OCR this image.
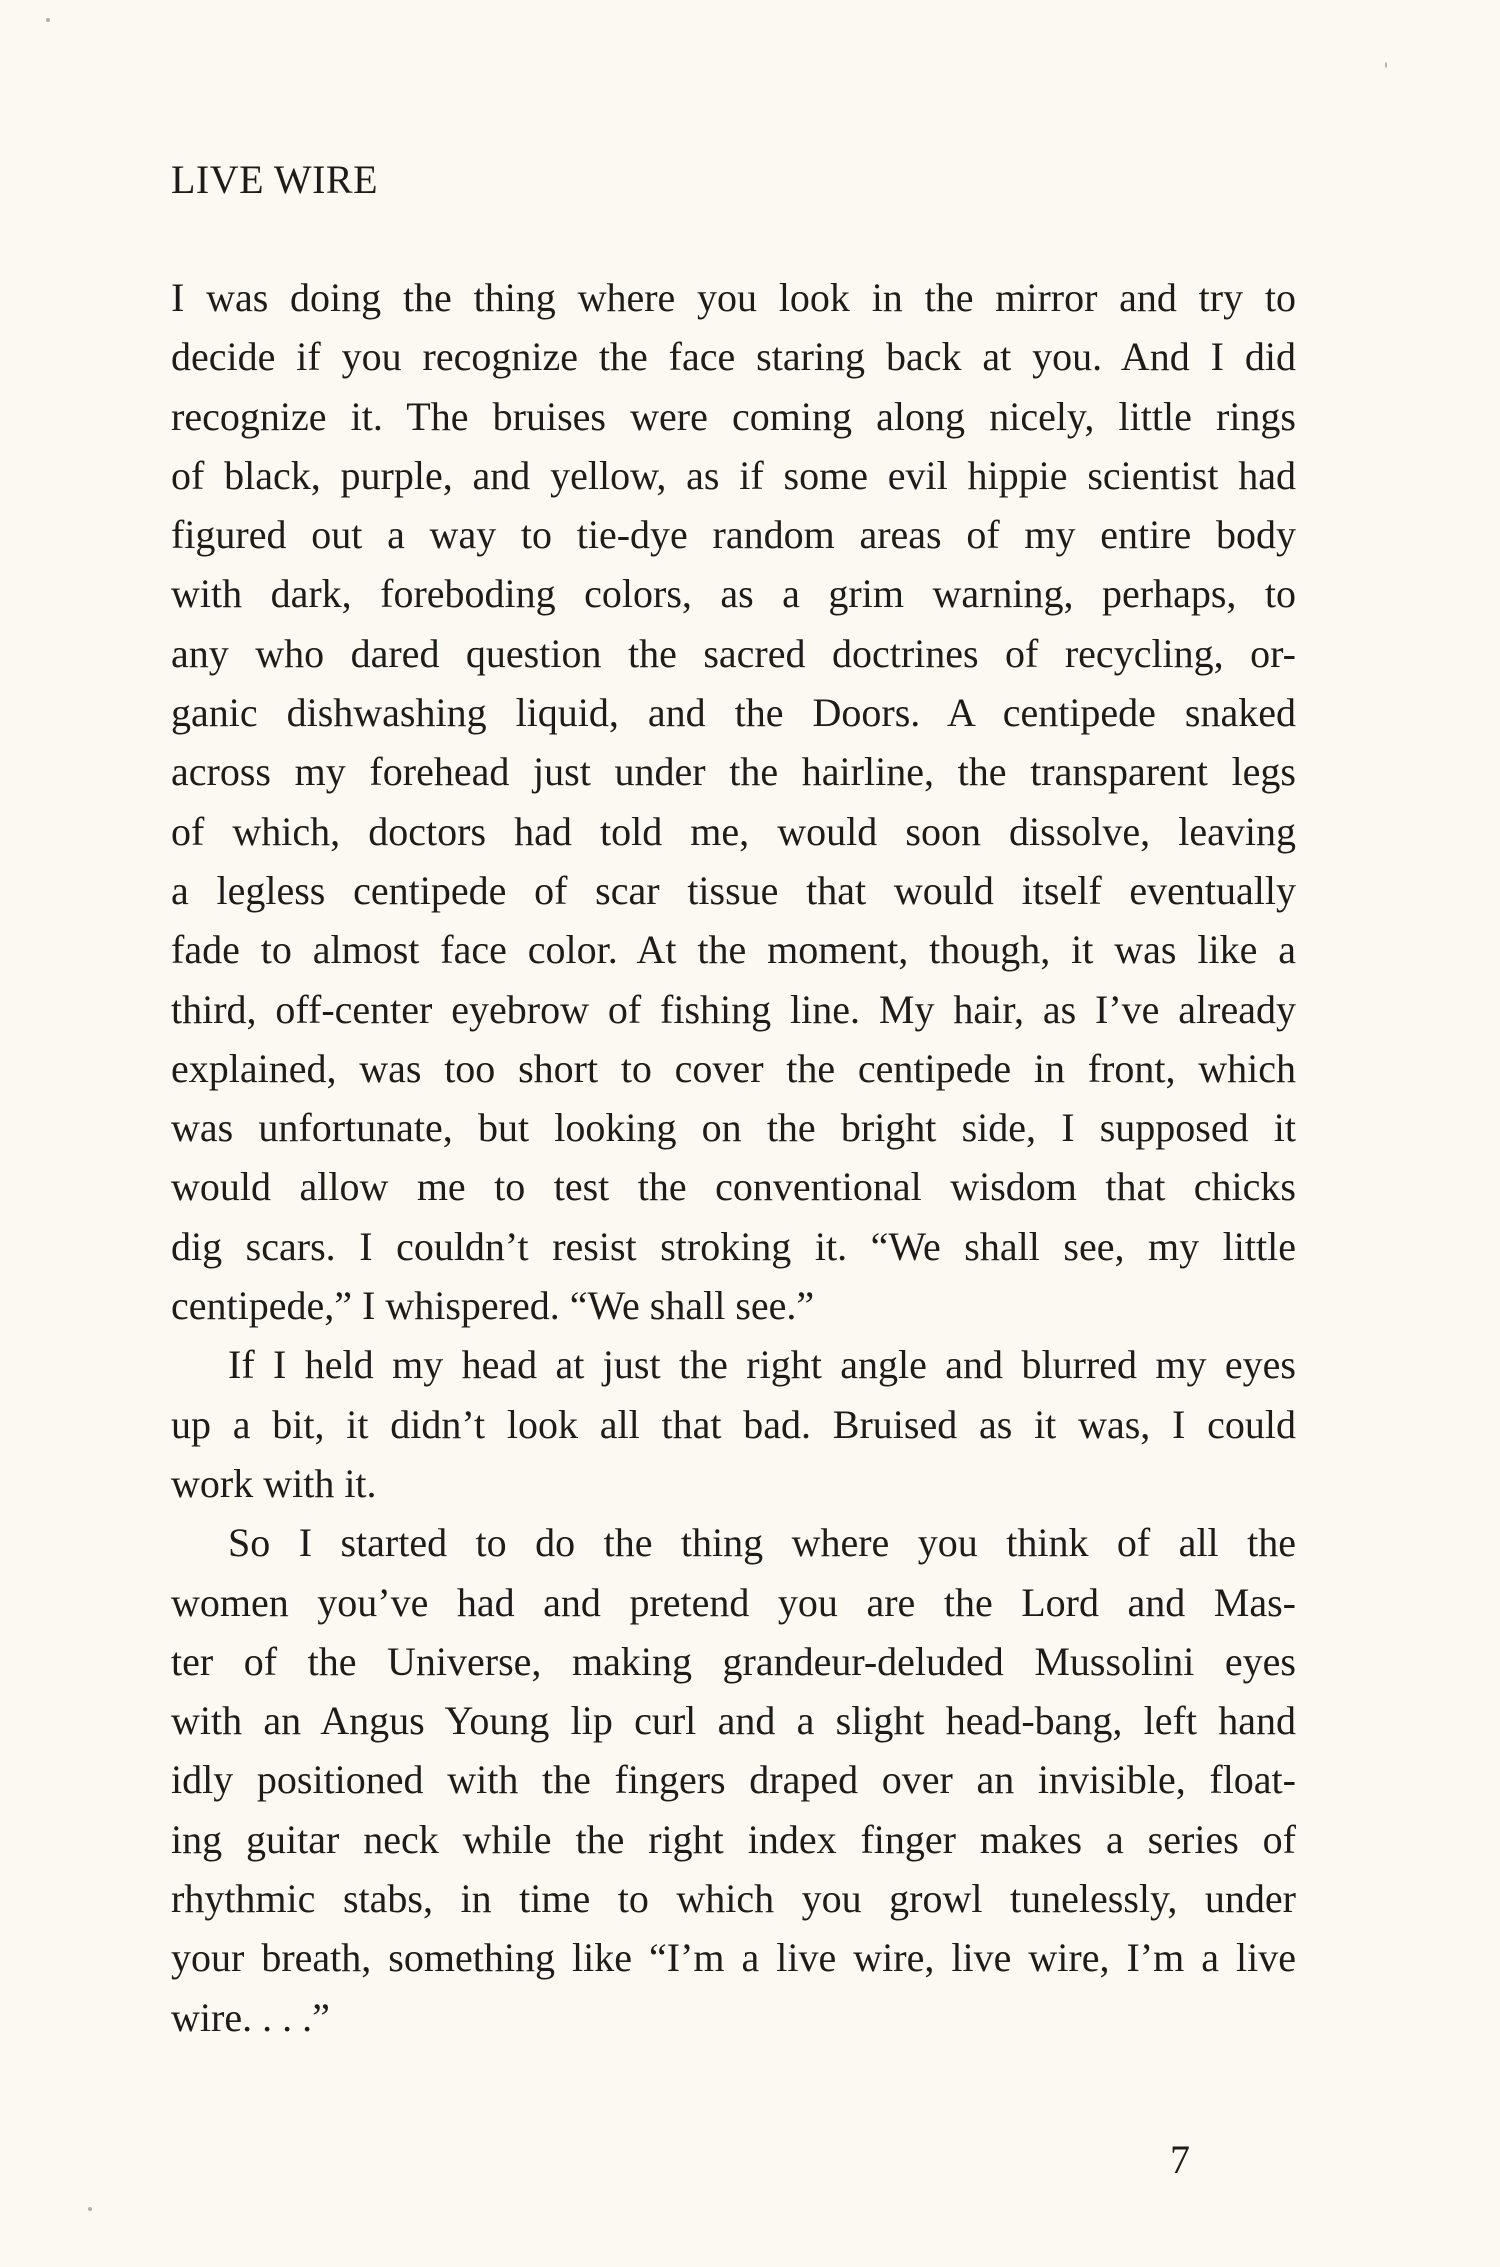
LIVE WIRE
I was doing the thing where you look in the mirror and try to
decide if you recognize the face staring back at you. And I did
recognize it. The bruises were coming along nicely, little rings
of black, purple, and yellow, as if some evil hippie scientist had
figured out a way to tie-dye random areas of my entire body
with dark, foreboding colors, as a grim warning, perhaps, to
any who dared question the sacred doctrines of recycling, or-
ganic dishwashing liquid, and the Doors. A centipede snaked
across my forehead just under the hairline, the transparent legs
of which, doctors had told me, would soon dissolve, leaving
a legless centipede of scar tissue that would itself eventually
fade to almost face color. At the moment, though, it was like a
third, off-center eyebrow of fishing line. My hair, as I’ve already
explained, was too short to cover the centipede in front, which
was unfortunate, but looking on the bright side, I supposed it
would allow me to test the conventional wisdom that chicks
dig scars. I couldn’t resist stroking it. “We shall see, my little
centipede,” I whispered. “We shall see.”
If I held my head at just the right angle and blurred my eyes
up a bit, it didn’t look all that bad. Bruised as it was, I could
work with it.
So I started to do the thing where you think of all the
women you’ve had and pretend you are the Lord and Mas-
ter of the Universe, making grandeur-deluded Mussolini eyes
with an Angus Young lip curl and a slight head-bang, left hand
idly positioned with the fingers draped over an invisible, float-
ing guitar neck while the right index finger makes a series of
rhythmic stabs, in time to which you growl tunelessly, under
your breath, something like “I’m a live wire, live wire, I’m a live
wire. . . .”
7
